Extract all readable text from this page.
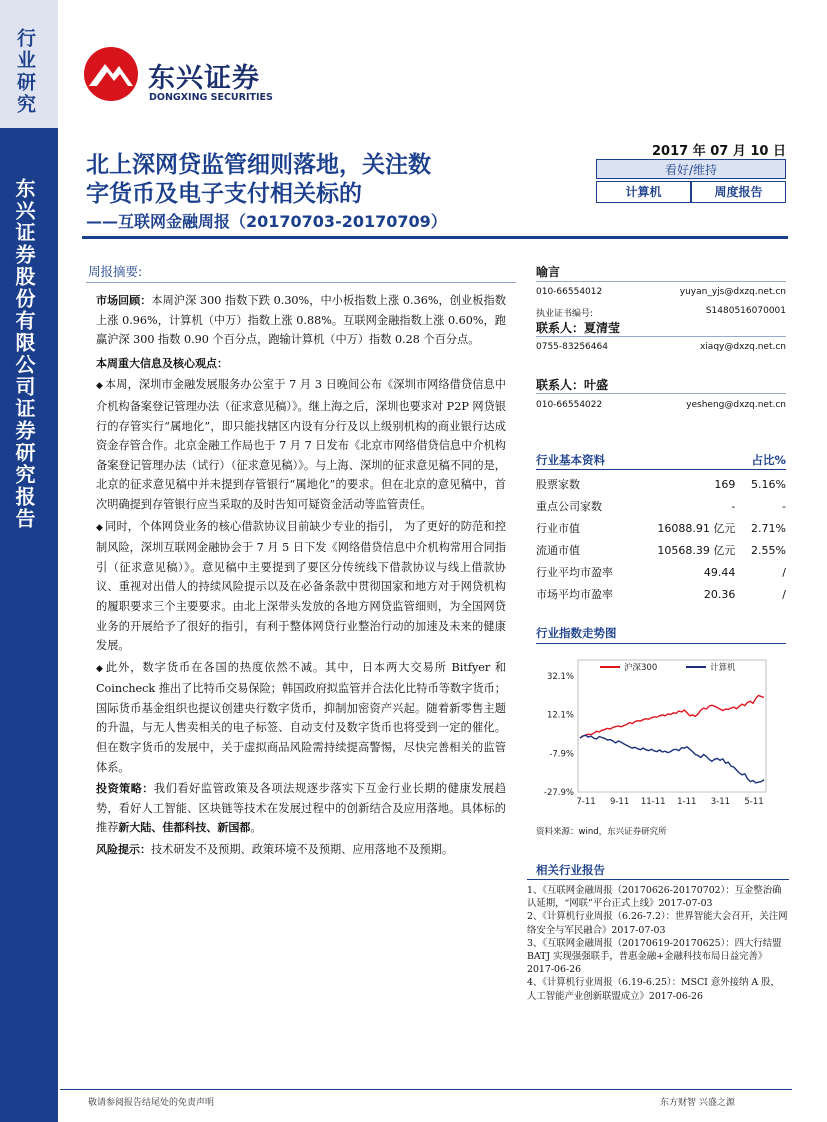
行业研究
东兴证券股份有限公司证券研究报告
东兴证券
DONGXING SECURITIES
北上深网贷监管细则落地，关注数
字货币及电子支付相关标的
——互联网金融周报（20170703-20170709）
2017 年 07 月 10 日
看好/维持
计算机	周度报告
周报摘要:

市场回顾：本周沪深 300 指数下跌 0.30%，中小板指数上涨 0.36%，创业板指数上涨 0.96%，计算机（中万）指数上涨 0.88%。互联网金融指数上涨 0.60%，跑赢沪深 300 指数 0.90 个百分点，跑输计算机（中万）指数 0.28 个百分点。

本周重大信息及核心观点：

◆ 本周，深圳市金融发展服务办公室于 7 月 3 日晚间公布《深圳市网络借贷信息中介机构备案登记管理办法（征求意见稿）》。继上海之后，深圳也要求对 P2P 网贷银行的存管实行“属地化”，即只能找辖区内设有分行及以上级别机构的商业银行达成资金存管合作。北京金融工作局也于 7 月 7 日发布《北京市网络借贷信息中介机构备案登记管理办法（试行）（征求意见稿）》。与上海、深圳的征求意见稿不同的是，北京的征求意见稿中并未提到存管银行“属地化”的要求。但在北京的意见稿中，首次明确提到存管银行应当采取的及时告知可疑资金活动等监管责任。

◆ 同时，个体网贷业务的核心借款协议目前缺少专业的指引， 为了更好的防范和控制风险，深圳互联网金融协会于 7 月 5 日下发《网络借贷信息中介机构常用合同指引（征求意见稿）》。意见稿中主要提到了要区分传统线下借款协议与线上借款协议、重视对出借人的持续风险提示以及在必备条款中贯彻国家和地方对于网贷机构的履职要求三个主要要求。由北上深带头发放的各地方网贷监管细则，为全国网贷业务的开展给予了很好的指引，有利于整体网贷行业整治行动的加速及未来的健康发展。

◆ 此外，数字货币在各国的热度依然不减。其中，日本两大交易所 Bitfyer 和 Coincheck 推出了比特币交易保险；韩国政府拟监管并合法化比特币等数字货币；国际货币基金组织也提议创建央行数字货币，抑制加密资产兴起。随着新零售主题的升温，与无人售卖相关的电子标签、自动支付及数字货币也将受到一定的催化。但在数字货币的发展中，关于虚拟商品风险需持续提高警惕，尽快完善相关的监管体系。

投资策略：我们看好监管政策及各项法规逐步落实下互金行业长期的健康发展趋势，看好人工智能、区块链等技术在发展过程中的创新结合及应用落地。具体标的推荐新大陆、佳都科技、新国都。

风险提示：技术研发不及预期、政策环境不及预期、应用落地不及预期。

喻言
010-66554012	yuyan_yjs@dxzq.net.cn
执业证书编号:	S1480516070001
联系人：夏清莹
0755-83256464	xiaqy@dxzq.net.cn
联系人：叶盛
010-66554022	yesheng@dxzq.net.cn
行业基本资料	占比%
股票家数	169	5.16%
重点公司家数	-	-
行业市值	16088.91 亿元	2.71%
流通市值	10568.39 亿元	2.55%
行业平均市盈率	49.44	/
市场平均市盈率	20.36	/
行业指数走势图
32.1%
12.1%
-7.9%
-27.9%
7-11 9-11 11-11 1-11 3-11 5-11
沪深300	计算机
资料来源：wind，东兴证券研究所
相关行业报告

1、《互联网金融周报（20170626-20170702）：互金整治确认延期，“网联”平台正式上线》2017-07-03

2、《计算机行业周报（6.26-7.2）：世界智能大会召开，关注网络安全与军民融合》2017-07-03

3、《互联网金融周报（20170619-20170625）：四大行结盟 BATJ 实现强强联手，普惠金融+金融科技布局日益完善》2017-06-26

4、《计算机行业周报（6.19-6.25）：MSCI 意外接纳 A 股，人工智能产业创新联盟成立》2017-06-26

敬请参阅报告结尾处的免责声明	东方财智 兴盛之源
